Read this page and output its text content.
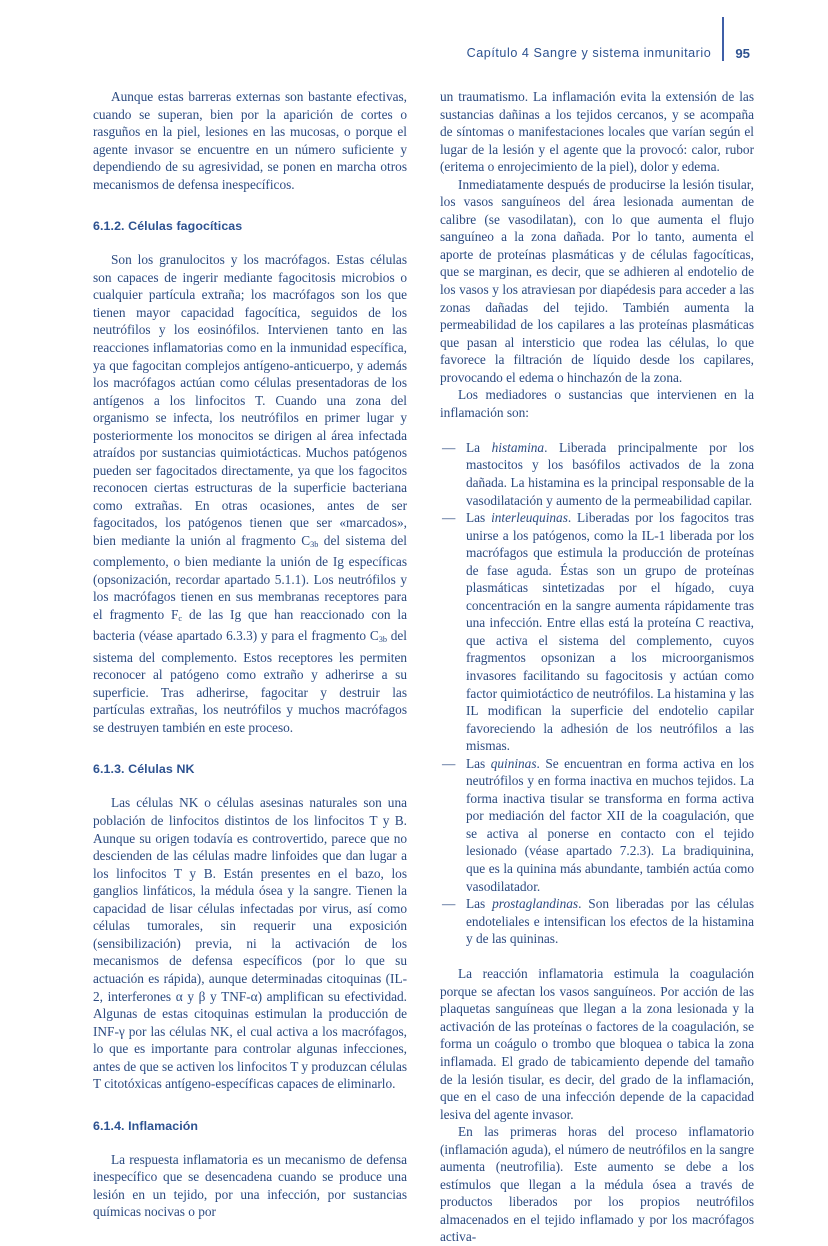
Capítulo 4 Sangre y sistema inmunitario	95

Aunque estas barreras externas son bastante efectivas, cuando se superan, bien por la aparición de cortes o rasguños en la piel, lesiones en las mucosas, o porque el agente invasor se encuentre en un número suficiente y dependiendo de su agresividad, se ponen en marcha otros mecanismos de defensa inespecíficos.

6.1.2. Células fagocíticas

Son los granulocitos y los macrófagos. Estas células son capaces de ingerir mediante fagocitosis microbios o cualquier partícula extraña; los macrófagos son los que tienen mayor capacidad fagocítica, seguidos de los neutrófilos y los eosinófilos. Intervienen tanto en las reacciones inflamatorias como en la inmunidad específica, ya que fagocitan complejos antígeno-anticuerpo, y además los macrófagos actúan como células presentadoras de los antígenos a los linfocitos T. Cuando una zona del organismo se infecta, los neutrófilos en primer lugar y posteriormente los monocitos se dirigen al área infectada atraídos por sustancias quimiotácticas. Muchos patógenos pueden ser fagocitados directamente, ya que los fagocitos reconocen ciertas estructuras de la superficie bacteriana como extrañas. En otras ocasiones, antes de ser fagocitados, los patógenos tienen que ser «marcados», bien mediante la unión al fragmento $C_{3b}$ del sistema del complemento, o bien mediante la unión de Ig específicas (opsonización, recordar apartado 5.1.1). Los neutrófilos y los macrófagos tienen en sus membranas receptores para el fragmento $F_c$ de las Ig que han reaccionado con la bacteria (véase apartado 6.3.3) y para el fragmento $C_{3b}$ del sistema del complemento. Estos receptores les permiten reconocer al patógeno como extraño y adherirse a su superficie. Tras adherirse, fagocitar y destruir las partículas extrañas, los neutrófilos y muchos macrófagos se destruyen también en este proceso.

6.1.3. Células NK

Las células NK o células asesinas naturales son una población de linfocitos distintos de los linfocitos T y B. Aunque su origen todavía es controvertido, parece que no descienden de las células madre linfoides que dan lugar a los linfocitos T y B. Están presentes en el bazo, los ganglios linfáticos, la médula ósea y la sangre. Tienen la capacidad de lisar células infectadas por virus, así como células tumorales, sin requerir una exposición (sensibilización) previa, ni la activación de los mecanismos de defensa específicos (por lo que su actuación es rápida), aunque determinadas citoquinas (IL-2, interferones α y β y TNF-α) amplifican su efectividad. Algunas de estas citoquinas estimulan la producción de INF-γ por las células NK, el cual activa a los macrófagos, lo que es importante para controlar algunas infecciones, antes de que se activen los linfocitos T y produzcan células T citotóxicas antígeno-específicas capaces de eliminarlo.

6.1.4. Inflamación

La respuesta inflamatoria es un mecanismo de defensa inespecífico que se desencadena cuando se produce una lesión en un tejido, por una infección, por sustancias químicas nocivas o por

un traumatismo. La inflamación evita la extensión de las sustancias dañinas a los tejidos cercanos, y se acompaña de síntomas o manifestaciones locales que varían según el lugar de la lesión y el agente que la provocó: calor, rubor (eritema o enrojecimiento de la piel), dolor y edema.

Inmediatamente después de producirse la lesión tisular, los vasos sanguíneos del área lesionada aumentan de calibre (se vasodilatan), con lo que aumenta el flujo sanguíneo a la zona dañada. Por lo tanto, aumenta el aporte de proteínas plasmáticas y de células fagocíticas, que se marginan, es decir, que se adhieren al endotelio de los vasos y los atraviesan por diapédesis para acceder a las zonas dañadas del tejido. También aumenta la permeabilidad de los capilares a las proteínas plasmáticas que pasan al intersticio que rodea las células, lo que favorece la filtración de líquido desde los capilares, provocando el edema o hinchazón de la zona.

Los mediadores o sustancias que intervienen en la inflamación son:

— La histamina. Liberada principalmente por los mastocitos y los basófilos activados de la zona dañada. La histamina es la principal responsable de la vasodilatación y aumento de la permeabilidad capilar.
— Las interleuquinas. Liberadas por los fagocitos tras unirse a los patógenos, como la IL-1 liberada por los macrófagos que estimula la producción de proteínas de fase aguda. Éstas son un grupo de proteínas plasmáticas sintetizadas por el hígado, cuya concentración en la sangre aumenta rápidamente tras una infección. Entre ellas está la proteína C reactiva, que activa el sistema del complemento, cuyos fragmentos opsonizan a los microorganismos invasores facilitando su fagocitosis y actúan como factor quimiotáctico de neutrófilos. La histamina y las IL modifican la superficie del endotelio capilar favoreciendo la adhesión de los neutrófilos a las mismas.
— Las quininas. Se encuentran en forma activa en los neutrófilos y en forma inactiva en muchos tejidos. La forma inactiva tisular se transforma en forma activa por mediación del factor XII de la coagulación, que se activa al ponerse en contacto con el tejido lesionado (véase apartado 7.2.3). La bradiquinina, que es la quinina más abundante, también actúa como vasodilatador.
— Las prostaglandinas. Son liberadas por las células endoteliales e intensifican los efectos de la histamina y de las quininas.

La reacción inflamatoria estimula la coagulación porque se afectan los vasos sanguíneos. Por acción de las plaquetas sanguíneas que llegan a la zona lesionada y la activación de las proteínas o factores de la coagulación, se forma un coágulo o trombo que bloquea o tabica la zona inflamada. El grado de tabicamiento depende del tamaño de la lesión tisular, es decir, del grado de la inflamación, que en el caso de una infección depende de la capacidad lesiva del agente invasor.

En las primeras horas del proceso inflamatorio (inflamación aguda), el número de neutrófilos en la sangre aumenta (neutrofilia). Este aumento se debe a los estímulos que llegan a la médula ósea a través de productos liberados por los propios neutrófilos almacenados en el tejido inflamado y por los macrófagos activa-
